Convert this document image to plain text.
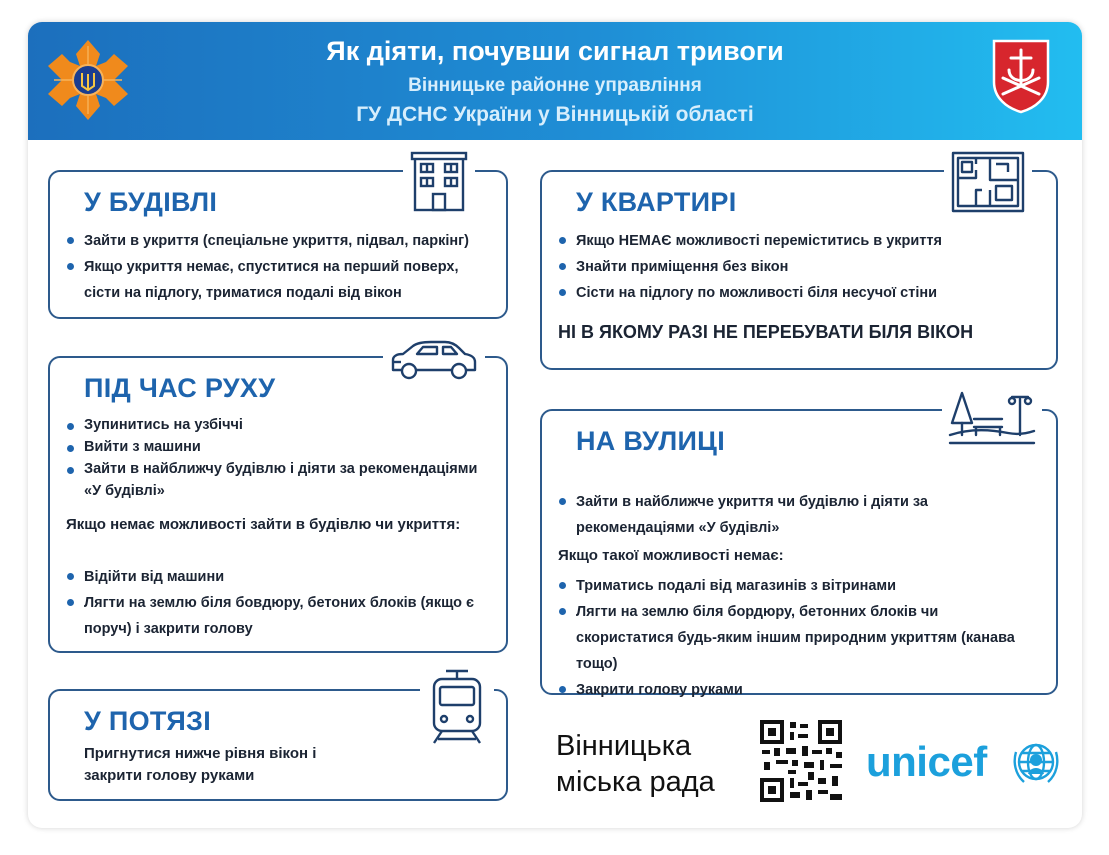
Як діяти, почувши сигнал тривоги
Вінницьке районне управління
ГУ ДСНС України у Вінницькій області
У БУДІВЛІ
Зайти в укриття (спеціальне укриття, підвал, паркінг)
Якщо укриття немає, спуститися на перший поверх, сісти на підлогу, триматися подалі від вікон
ПІД ЧАС РУХУ
Зупинитись на узбіччі
Вийти з машини
Зайти в найближчу будівлю і діяти за рекомендаціями «У будівлі»
Якщо немає можливості зайти в будівлю чи укриття:
Відійти від машини
Лягти на землю біля бовдюру, бетоних блоків (якщо є поруч) і закрити голову
У ПОТЯЗІ
Пригнутися нижче рівня вікон і закрити голову руками
У КВАРТИРІ
Якщо НЕМАЄ можливості переміститись в укриття
Знайти приміщення без вікон
Сісти на підлогу по можливості біля несучої стіни
НІ В ЯКОМУ РАЗІ НЕ ПЕРЕБУВАТИ БІЛЯ ВІКОН
НА ВУЛИЦІ
Зайти в найближче укриття чи будівлю і діяти за рекомендаціями «У будівлі»
Якщо такої можливості немає:
Триматись подалі від магазинів з вітринами
Лягти на землю біля бордюру, бетонних блоків чи скористатися будь-яким іншим природним укриттям (канава тощо)
Закрити голову руками
Вінницька
міська рада	unicef
